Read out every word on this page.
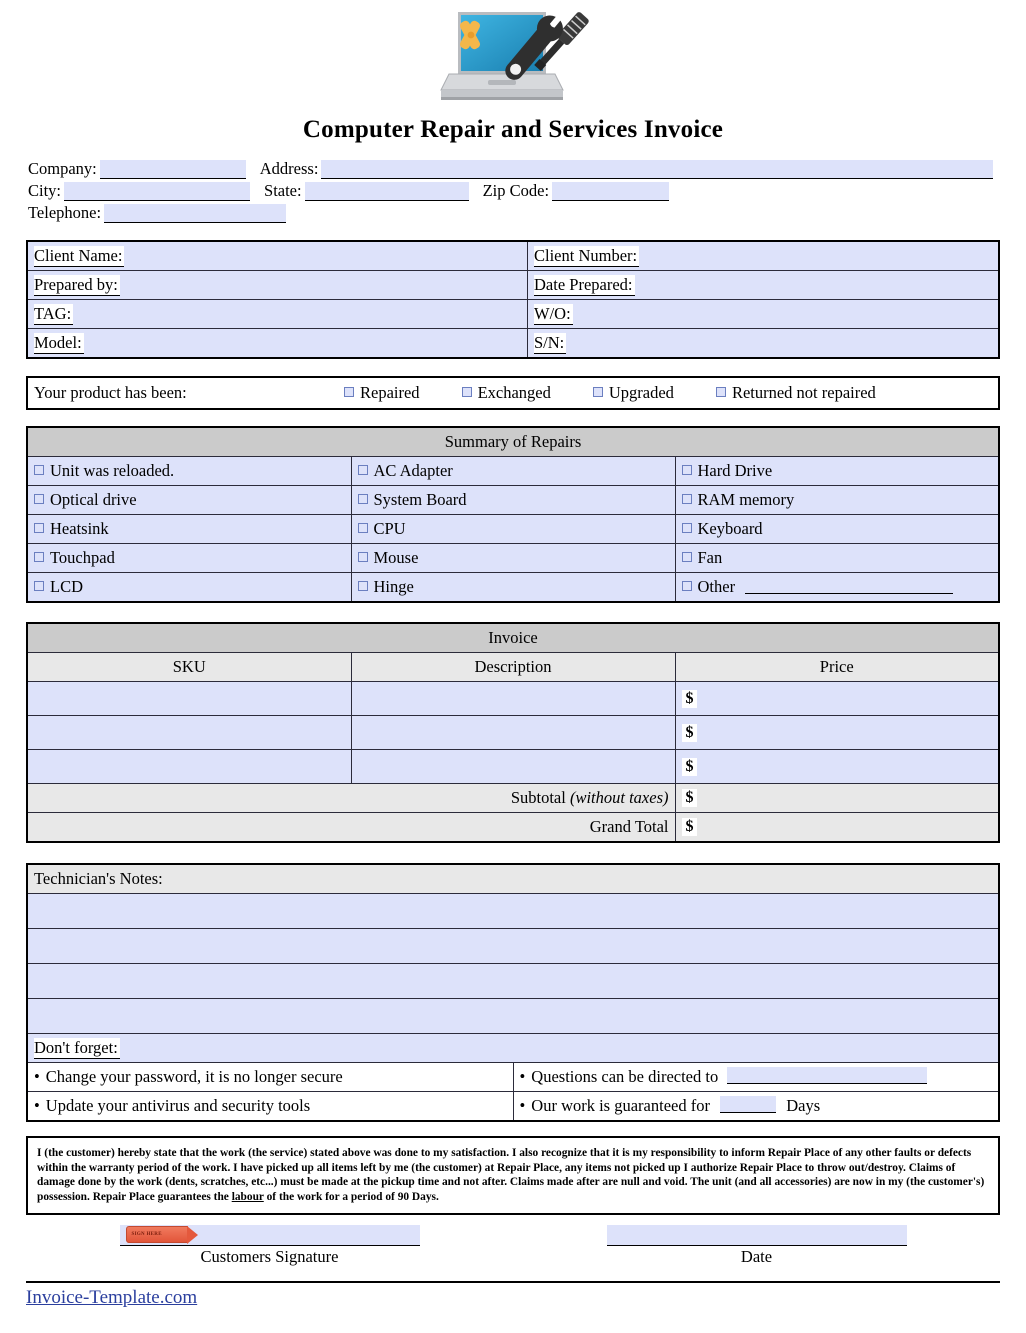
Computer Repair and Services Invoice
Company:	Address:
City:	State:	Zip Code:
Telephone:
Client Name:	Client Number:
Prepared by:	Date Prepared:
TAG:	W/O:
Model:	S/N:
Your product has been:	Repaired	Exchanged	Upgraded	Returned not repaired
Summary of Repairs		
Unit was reloaded.	AC Adapter	Hard Drive
Optical drive	System Board	RAM memory
Heatsink	CPU	Keyboard
Touchpad	Mouse	Fan
LCD	Hinge	Other
Invoice		
SKU	Description	Price

		$

		$

		$

Subtotal (without taxes)		$

Grand Total		$
Technician's Notes:	

Don't forget:	
• Change your password, it is no longer secure	• Questions can be directed to
• Update your antivirus and security tools	• Our work is guaranteed for Days
I (the customer) hereby state that the work (the service) stated above was done to my satisfaction. I also recognize that it is my responsibility to inform Repair Place of any other faults or defects within the warranty period of the work. I have picked up all items left by me (the customer) at Repair Place, any items not picked up I authorize Repair Place to throw out/destroy. Claims of damage done by the work (dents, scratches, etc...) must be made at the pickup time and not after. Claims made after are null and void. The unit (and all accessories) are now in my (the customer's) possession. Repair Place guarantees the labour of the work for a period of 90 Days.
SIGN HERE
Customers Signature	Date
Invoice-Template.com
